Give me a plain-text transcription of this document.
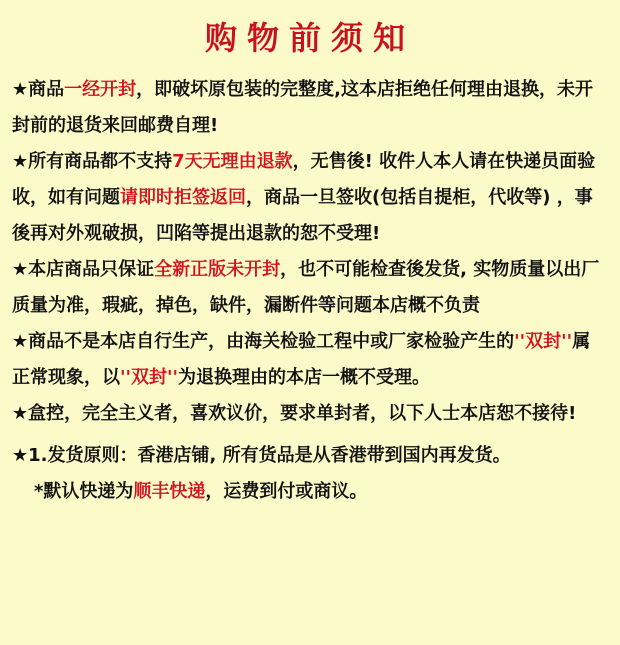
购物前须知

★商品一经开封，即破坏原包装的完整度,这本店拒绝任何理由退换，未开封前的退货来回邮费自理!

★所有商品都不支持7天无理由退款，无售後! 收件人本人请在快递员面验收，如有问题请即时拒签返回，商品一旦签收(包括自提柜，代收等) ，事後再对外观破损，凹陷等提出退款的恕不受理!

★本店商品只保证全新正版未开封，也不可能检查後发货, 实物质量以出厂质量为准，瑕疵，掉色，缺件，漏断件等问题本店概不负责

★商品不是本店自行生产，由海关检验工程中或厂家检验产生的''双封''属正常现象，以''双封''为退换理由的本店一概不受理。

★盒控，完全主义者，喜欢议价，要求单封者，以下人士本店恕不接待!

★1.发货原则：香港店铺, 所有货品是从香港带到国内再发货。

*默认快递为顺丰快递，运费到付或商议。
